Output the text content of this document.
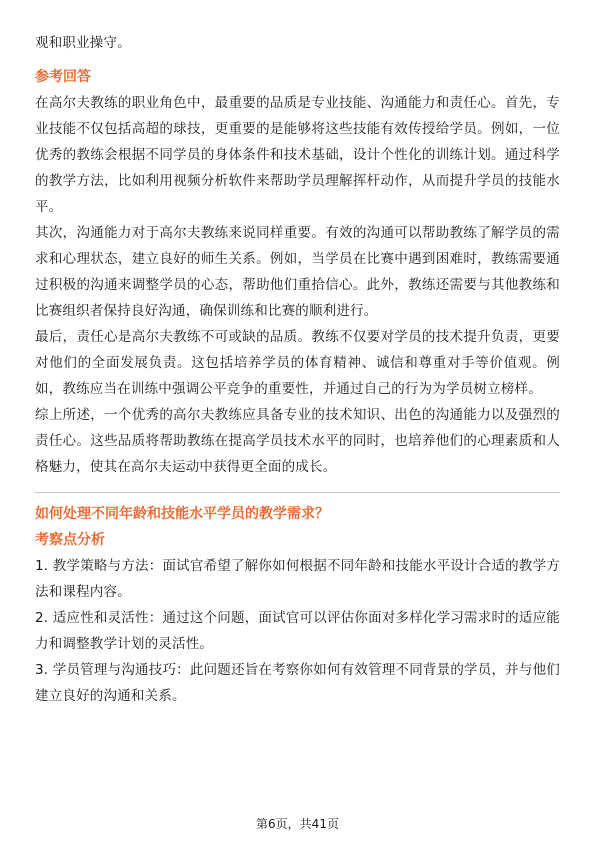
观和职业操守。

参考回答

在高尔夫教练的职业角色中，最重要的品质是专业技能、沟通能力和责任心。首先，专业技能不仅包括高超的球技，更重要的是能够将这些技能有效传授给学员。例如，一位优秀的教练会根据不同学员的身体条件和技术基础，设计个性化的训练计划。通过科学的教学方法，比如利用视频分析软件来帮助学员理解挥杆动作，从而提升学员的技能水平。

其次，沟通能力对于高尔夫教练来说同样重要。有效的沟通可以帮助教练了解学员的需求和心理状态，建立良好的师生关系。例如，当学员在比赛中遇到困难时，教练需要通过积极的沟通来调整学员的心态，帮助他们重拾信心。此外，教练还需要与其他教练和比赛组织者保持良好沟通，确保训练和比赛的顺利进行。

最后，责任心是高尔夫教练不可或缺的品质。教练不仅要对学员的技术提升负责，更要对他们的全面发展负责。这包括培养学员的体育精神、诚信和尊重对手等价值观。例如，教练应当在训练中强调公平竞争的重要性，并通过自己的行为为学员树立榜样。

综上所述，一个优秀的高尔夫教练应具备专业的技术知识、出色的沟通能力以及强烈的责任心。这些品质将帮助教练在提高学员技术水平的同时，也培养他们的心理素质和人格魅力，使其在高尔夫运动中获得更全面的成长。

如何处理不同年龄和技能水平学员的教学需求？

考察点分析

1. 教学策略与方法：面试官希望了解你如何根据不同年龄和技能水平设计合适的教学方法和课程内容。

2. 适应性和灵活性：通过这个问题，面试官可以评估你面对多样化学习需求时的适应能力和调整教学计划的灵活性。

3. 学员管理与沟通技巧：此问题还旨在考察你如何有效管理不同背景的学员，并与他们建立良好的沟通和关系。

第6页，共41页
